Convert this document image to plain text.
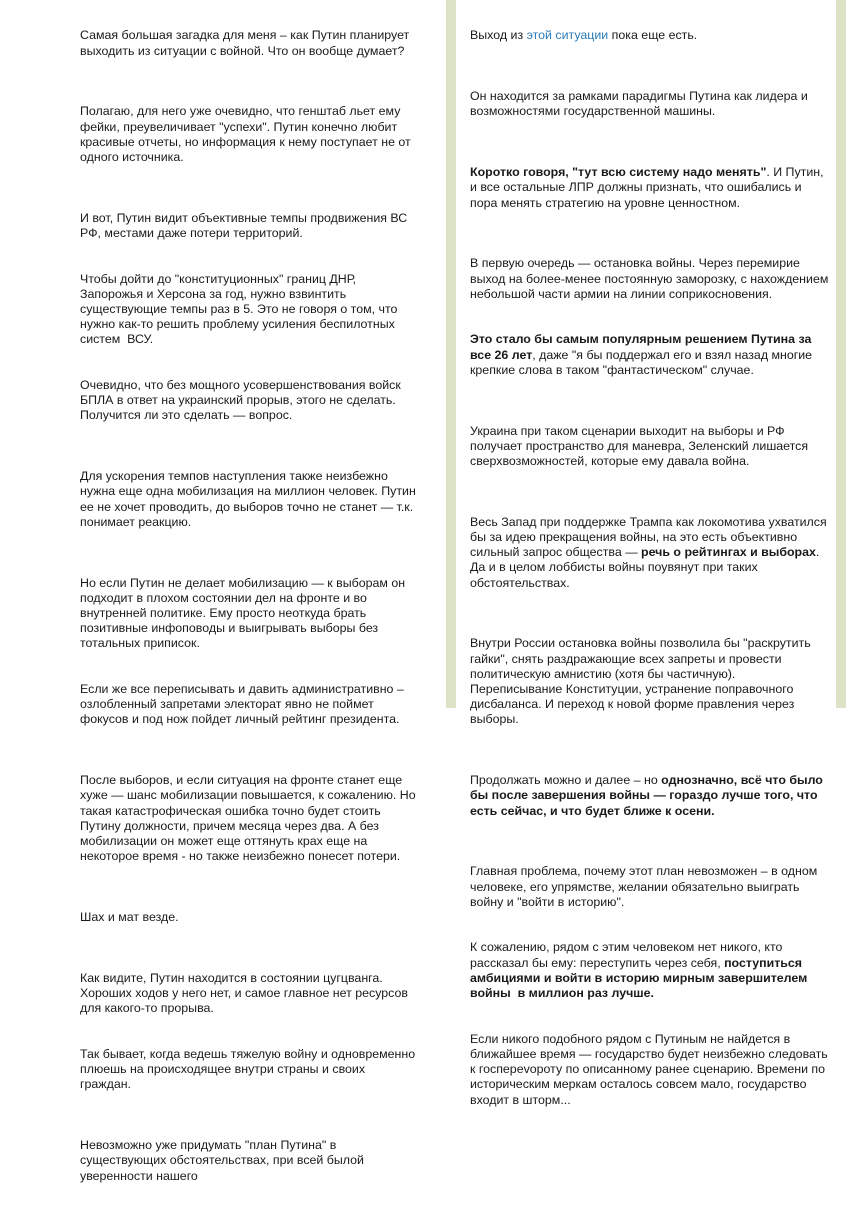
Самая большая загадка для меня – как Путин планирует выходить из ситуации с войной. Что он вообще думает?

Полагаю, для него уже очевидно, что генштаб льет ему фейки, преувеличивает "успехи". Путин конечно любит красивые отчеты, но информация к нему поступает не от одного источника.

И вот, Путин видит объективные темпы продвижения ВС РФ, местами даже потери территорий.

Чтобы дойти до "конституционных" границ ДНР, Запорожья и Херсона за год, нужно взвинтить существующие темпы раз в 5. Это не говоря о том, что нужно как-то решить проблему усиления беспилотных систем  ВСУ.

Очевидно, что без мощного усовершенствования войск БПЛА в ответ на украинский прорыв, этого не сделать. Получится ли это сделать — вопрос.

Для ускорения темпов наступления также неизбежно нужна еще одна мобилизация на миллион человек. Путин ее не хочет проводить, до выборов точно не станет — т.к. понимает реакцию.

Но если Путин не делает мобилизацию — к выборам он подходит в плохом состоянии дел на фронте и во внутренней политике. Ему просто неоткуда брать позитивные инфоповоды и выигрывать выборы без тотальных приписок.

Если же все переписывать и давить административно – озлобленный запретами электорат явно не поймет фокусов и под нож пойдет личный рейтинг президента.

После выборов, и если ситуация на фронте станет еще хуже — шанс мобилизации повышается, к сожалению. Но такая катастрофическая ошибка точно будет стоить Путину должности, причем месяца через два. А без мобилизации он может еще оттянуть крах еще на некоторое время - но также неизбежно понесет потери.

Шах и мат везде.

Как видите, Путин находится в состоянии цугцванга. Хороших ходов у него нет, и самое главное нет ресурсов для какого-то прорыва.

Так бывает, когда ведешь тяжелую войну и одновременно плюешь на происходящее внутри страны и своих граждан.

Невозможно уже придумать "план Путина" в существующих обстоятельствах, при всей былой уверенности нашего

Выход из этой ситуации пока еще есть.

Он находится за рамками парадигмы Путина как лидера и возможностями государственной машины.

Коротко говоря, "тут всю систему надо менять". И Путин, и все остальные ЛПР должны признать, что ошибались и пора менять стратегию на уровне ценностном.

В первую очередь — остановка войны. Через перемирие выход на более-менее постоянную заморозку, с нахождением небольшой части армии на линии соприкосновения.

Это стало бы самым популярным решением Путина за все 26 лет, даже "я бы поддержал его и взял назад многие крепкие слова в таком "фантастическом" случае.

Украина при таком сценарии выходит на выборы и РФ получает пространство для маневра, Зеленский лишается сверхвозможностей, которые ему давала война.

Весь Запад при поддержке Трампа как локомотива ухватился бы за идею прекращения войны, на это есть объективно сильный запрос общества — речь о рейтингах и выборах. Да и в целом лоббисты войны поувянут при таких обстоятельствах.

Внутри России остановка войны позволила бы "раскрутить гайки", снять раздражающие всех запреты и провести политическую амнистию (хотя бы частичную). Переписывание Конституции, устранение поправочного дисбаланса. И переход к новой форме правления через выборы.

Продолжать можно и далее – но однозначно, всё что было бы после завершения войны — гораздо лучше того, что есть сейчас, и что будет ближе к осени.

Главная проблема, почему этот план невозможен – в одном человеке, его упрямстве, желании обязательно выиграть войну и "войти в историю".

К сожалению, рядом с этим человеком нет никого, кто рассказал бы ему: переступить через себя, поступиться амбициями и войти в историю мирным завершителем войны  в миллион раз лучше.

Если никого подобного рядом с Путиным не найдется в ближайшее время — государство будет неизбежно следовать к госпереvороту по описанному ранее сценарию. Времени по историческим меркам осталось совсем мало, государство входит в шторм...
